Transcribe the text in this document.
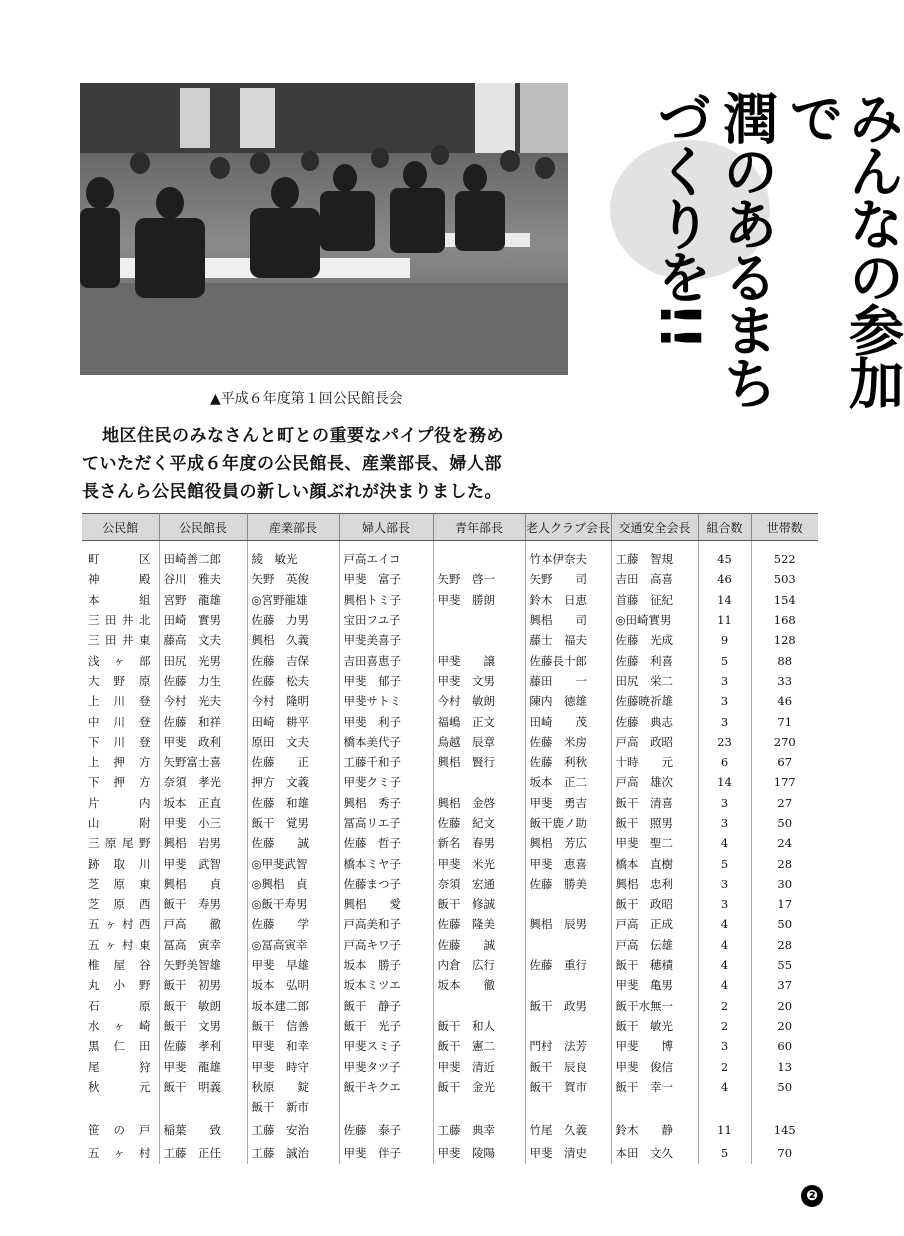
▲平成６年度第１回公民館長会	みんなの参加で
潤のあるまち
づくりを!!

地区住民のみなさんと町との重要なパイプ役を務め

ていただく平成６年度の公民館長、産業部長、婦人部

長さんら公民館役員の新しい顔ぶれが決まりました。

公民館	公民館長	産業部長	婦人部長	青年部長	老人クラブ会長	交通安全会長	組合数	世帯数
町区	田崎善二郎	綾　敏光	戸高エイコ		竹本伊奈夫	工藤　智規	45	522
神殿	谷川　雅夫	矢野　英俊	甲斐　富子	矢野　啓一	矢野　　司	吉田　高喜	46	503
本組	宮野　龍雄	◎宮野龍雄	興梠トミ子	甲斐　勝朗	鈴木　日恵	首藤　征紀	14	154
三田井北	田崎　實男	佐藤　力男	宝田フユ子		興梠　　司	◎田崎實男	11	168
三田井東	藤高　文夫	興梠　久義	甲斐美喜子		藤士　福夫	佐藤　光成	9	128
浅ヶ部	田尻　光男	佐藤　吉保	吉田喜恵子	甲斐　　譲	佐藤長十郎	佐藤　利喜	5	88
大野原	佐藤　力生	佐藤　松夫	甲斐　郁子	甲斐　文男	藤田　　一	田尻　栄二	3	33
上川登	今村　光夫	今村　隆明	甲斐サトミ	今村　敏朗	陳内　徳雄	佐藤暁祈雄	3	46
中川登	佐藤　和祥	田崎　耕平	甲斐　利子	福嶋　正文	田崎　　茂	佐藤　典志	3	71
下川登	甲斐　政利	原田　文夫	橋本美代子	鳥越　辰章	佐藤　米房	戸高　政昭	23	270
上押方	矢野富士喜	佐藤　　正	工藤千和子	興梠　賢行	佐藤　利秋	十時　　元	6	67
下押方	奈須　孝光	押方　文義	甲斐クミ子		坂本　正二	戸高　雄次	14	177
片内	坂本　正直	佐藤　和雄	興梠　秀子	興梠　金啓	甲斐　勇吉	飯干　清喜	3	27
山附	甲斐　小三	飯干　覚男	冨高リエ子	佐藤　紀文	飯干鹿ノ助	飯干　照男	3	50
三原尾野	興梠　岩男	佐藤　　誠	佐藤　哲子	新名　春男	興梠　芳広	甲斐　聖二	4	24
跡取川	甲斐　武智	◎甲斐武智	橋本ミヤ子	甲斐　米光	甲斐　恵喜	橋本　直樹	5	28
芝原東	興梠　　貞	◎興梠　貞	佐藤まつ子	奈須　宏通	佐藤　勝美	興梠　忠利	3	30
芝原西	飯干　寿男	◎飯干寿男	興梠　　愛	飯干　修誠		飯干　政昭	3	17
五ヶ村西	戸高　　徹	佐藤　　学	戸高美和子	佐藤　隆美	興梠　辰男	戸高　正成	4	50
五ヶ村東	冨高　寅幸	◎冨高寅幸	戸高キワ子	佐藤　　誠		戸高　伝雄	4	28
椎屋谷	矢野美智雄	甲斐　早雄	坂本　勝子	内倉　広行	佐藤　重行	飯干　穂積	4	55
丸小野	飯干　初男	坂本　弘明	坂本ミツエ	坂本　　徹		甲斐　亀男	4	37
石原	飯干　敏朗	坂本建二郎	飯干　静子		飯干　政男	飯干水無一	2	20
水ヶ崎	飯干　文男	飯干　信善	飯干　光子	飯干　和人		飯干　敏光	2	20
黒仁田	佐藤　孝利	甲斐　和幸	甲斐スミ子	飯干　憲二	門村　法芳	甲斐　　博	3	60
尾狩	甲斐　龍雄	甲斐　時守	甲斐タツ子	甲斐　清近	飯干　辰良	甲斐　俊信	2	13
秋元	飯干　明義	秋原　　錠	飯干キクエ	飯干　金光	飯干　賀市	飯干　幸一	4	50
		飯干　新市						
笹の戸	稲葉　　致	工藤　安治	佐藤　泰子	工藤　典幸	竹尾　久義	鈴木　　静	11	145
五ヶ村	工藤　正任	工藤　誠治	甲斐　伴子	甲斐　陵陽	甲斐　清史	本田　文久	5	70
❷
